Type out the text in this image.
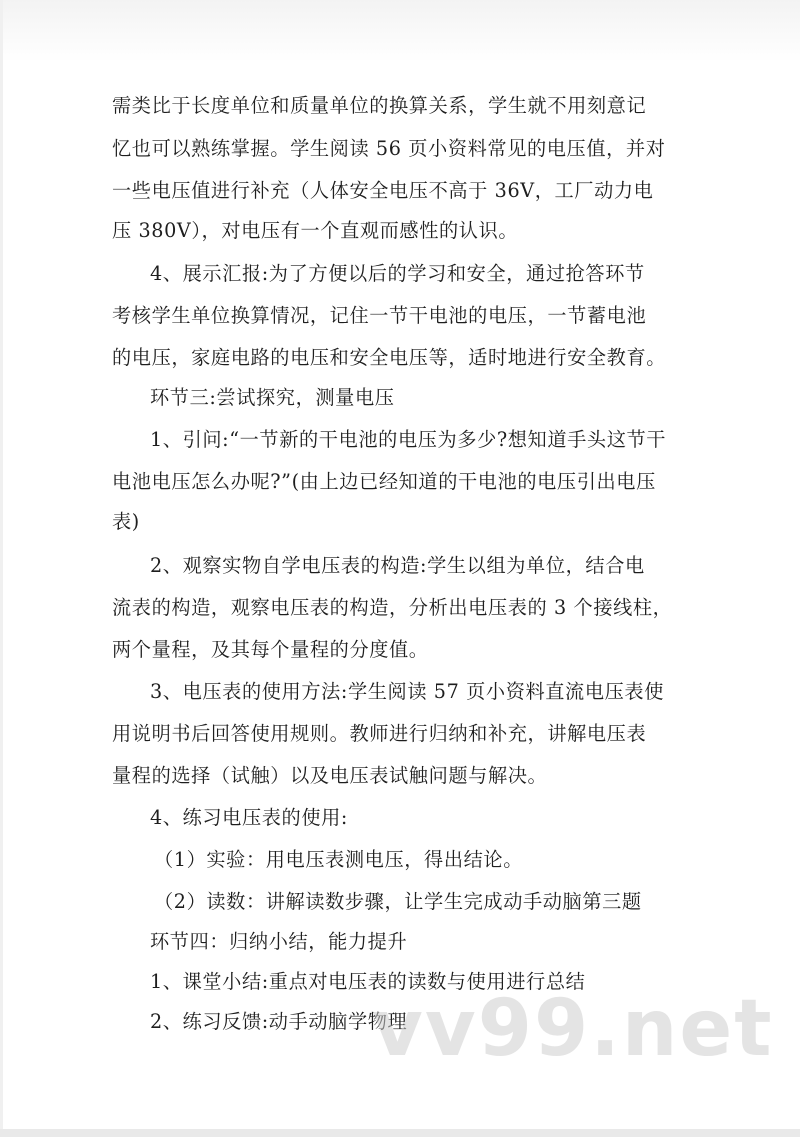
需类比于长度单位和质量单位的换算关系，学生就不用刻意记
忆也可以熟练掌握。学生阅读 56 页小资料常见的电压值，并对
一些电压值进行补充（人体安全电压不高于 36V，工厂动力电
压 380V），对电压有一个直观而感性的认识。
4、展示汇报:为了方便以后的学习和安全，通过抢答环节
考核学生单位换算情况，记住一节干电池的电压，一节蓄电池
的电压，家庭电路的电压和安全电压等，适时地进行安全教育。
环节三:尝试探究，测量电压
1、引问:“一节新的干电池的电压为多少?想知道手头这节干
电池电压怎么办呢?”(由上边已经知道的干电池的电压引出电压
表)
2、观察实物自学电压表的构造:学生以组为单位，结合电
流表的构造，观察电压表的构造，分析出电压表的 3 个接线柱，
两个量程，及其每个量程的分度值。
3、电压表的使用方法:学生阅读 57 页小资料直流电压表使
用说明书后回答使用规则。教师进行归纳和补充，讲解电压表
量程的选择（试触）以及电压表试触问题与解决。
4、练习电压表的使用:
（1）实验：用电压表测电压，得出结论。
（2）读数：讲解读数步骤，让学生完成动手动脑第三题
环节四：归纳小结，能力提升
1、课堂小结:重点对电压表的读数与使用进行总结
2、练习反馈:动手动脑学物理
vv99.net
